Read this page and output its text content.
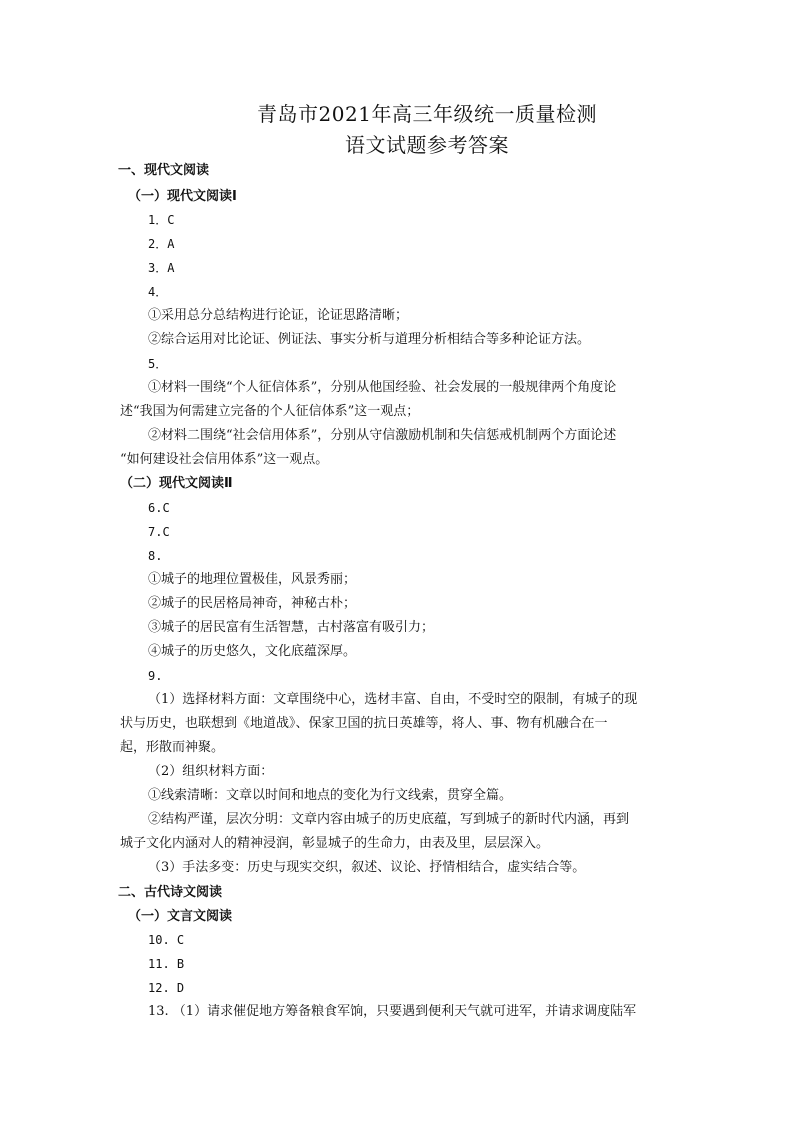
青岛市2021年高三年级统一质量检测
语文试题参考答案
一、现代文阅读
（一）现代文阅读Ⅰ
1．C
2．A
3．A
4．
①采用总分总结构进行论证，论证思路清晰；
②综合运用对比论证、例证法、事实分析与道理分析相结合等多种论证方法。
5．
①材料一围绕“个人征信体系”，分别从他国经验、社会发展的一般规律两个角度论
述“我国为何需建立完备的个人征信体系”这一观点；
②材料二围绕“社会信用体系”，分别从守信激励机制和失信惩戒机制两个方面论述
“如何建设社会信用体系”这一观点。
（二）现代文阅读Ⅱ
6.C
7.C
8.
①城子的地理位置极佳，风景秀丽；
②城子的民居格局神奇，神秘古朴；
③城子的居民富有生活智慧，古村落富有吸引力；
④城子的历史悠久，文化底蕴深厚。
9.
（1）选择材料方面：文章围绕中心，选材丰富、自由，不受时空的限制，有城子的现
状与历史，也联想到《地道战》、保家卫国的抗日英雄等，将人、事、物有机融合在一
起，形散而神聚。
（2）组织材料方面：
①线索清晰：文章以时间和地点的变化为行文线索，贯穿全篇。
②结构严谨，层次分明：文章内容由城子的历史底蕴，写到城子的新时代内涵，再到
城子文化内涵对人的精神浸润，彰显城子的生命力，由表及里，层层深入。
（3）手法多变：历史与现实交织，叙述、议论、抒情相结合，虚实结合等。
二、古代诗文阅读
（一）文言文阅读
10. C
11. B
12. D
13. （1）请求催促地方筹备粮食军饷，只要遇到便利天气就可进军，并请求调度陆军
